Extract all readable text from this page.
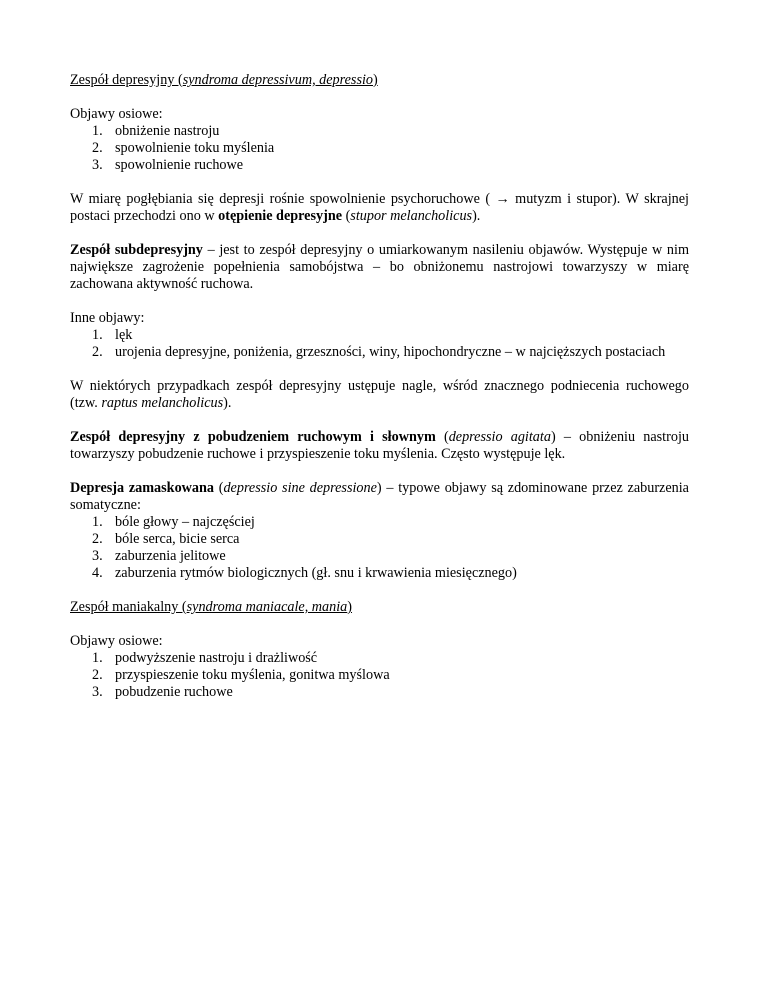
Zespół depresyjny (syndroma depressivum, depressio)

Objawy osiowe:

1. obniżenie nastroju
2. spowolnienie toku myślenia
3. spowolnienie ruchowe

W miarę pogłębiania się depresji rośnie spowolnienie psychoruchowe ( → mutyzm i stupor). W skrajnej postaci przechodzi ono w otępienie depresyjne (stupor melancholicus).

Zespół subdepresyjny – jest to zespół depresyjny o umiarkowanym nasileniu objawów. Występuje w nim największe zagrożenie popełnienia samobójstwa – bo obniżonemu nastrojowi towarzyszy w miarę zachowana aktywność ruchowa.

Inne objawy:

1. lęk
2. urojenia depresyjne, poniżenia, grzeszności, winy, hipochondryczne – w najcięższych postaciach

W niektórych przypadkach zespół depresyjny ustępuje nagle, wśród znacznego podniecenia ruchowego (tzw. raptus melancholicus).

Zespół depresyjny z pobudzeniem ruchowym i słownym (depressio agitata) – obniżeniu nastroju towarzyszy pobudzenie ruchowe i przyspieszenie toku myślenia. Często występuje lęk.

Depresja zamaskowana (depressio sine depressione) – typowe objawy są zdominowane przez zaburzenia somatyczne:

1. bóle głowy – najczęściej
2. bóle serca, bicie serca
3. zaburzenia jelitowe
4. zaburzenia rytmów biologicznych (gł. snu i krwawienia miesięcznego)

Zespół maniakalny (syndroma maniacale, mania)

Objawy osiowe:

1. podwyższenie nastroju i drażliwość
2. przyspieszenie toku myślenia, gonitwa myślowa
3. pobudzenie ruchowe
